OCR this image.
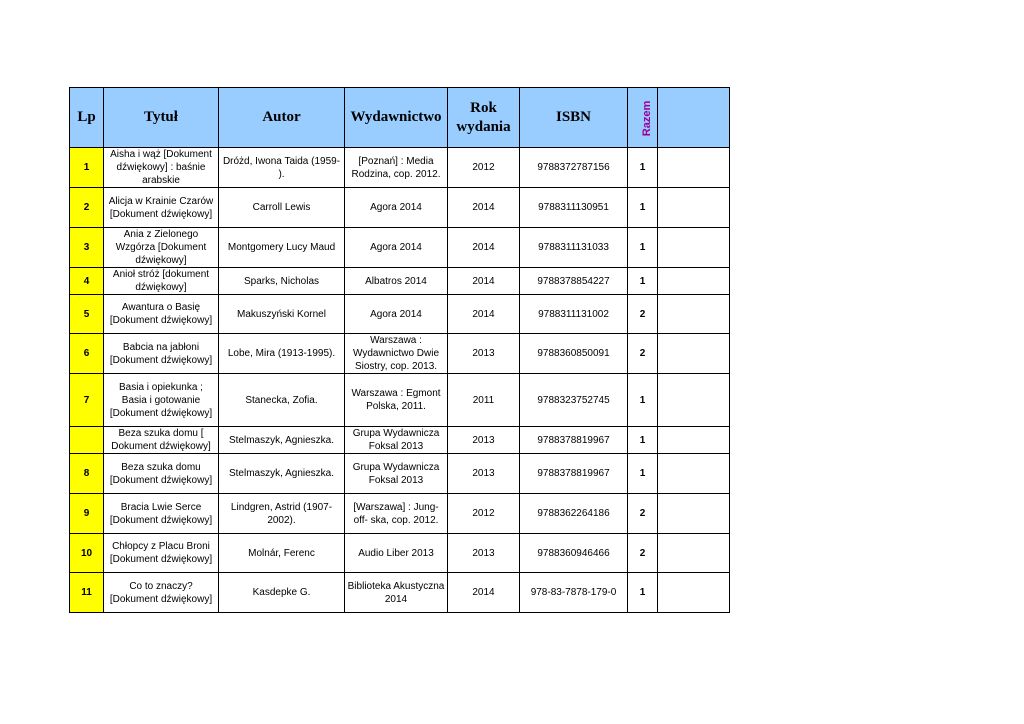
Lp	Tytuł	Autor	Wydawnictwo	Rok wydania	ISBN	Razem	
1	Aisha i wąż [Dokument dźwiękowy] : baśnie arabskie	Dróżd, Iwona Taida (1959- ).	[Poznań] : Media Rodzina, cop. 2012.	2012	9788372787156	1	
2	Alicja w Krainie Czarów [Dokument dźwiękowy]	Carroll Lewis	Agora 2014	2014	9788311130951	1	
3	Ania z Zielonego Wzgórza [Dokument dźwiękowy]	Montgomery Lucy Maud	Agora 2014	2014	9788311131033	1	
4	Anioł stróż [dokument dźwiękowy]	Sparks, Nicholas	Albatros 2014	2014	9788378854227	1	
5	Awantura o Basię [Dokument dźwiękowy]	Makuszyński Kornel	Agora 2014	2014	9788311131002	2	
6	Babcia na jabłoni [Dokument dźwiękowy]	Lobe, Mira (1913-1995).	Warszawa : Wydawnictwo Dwie Siostry, cop. 2013.	2013	9788360850091	2	
7	Basia i opiekunka ; Basia i gotowanie [Dokument dźwiękowy]	Stanecka, Zofia.	Warszawa : Egmont Polska, 2011.	2011	9788323752745	1	
	Beza szuka domu [ Dokument dźwiękowy]	Stelmaszyk, Agnieszka.	Grupa Wydawnicza Foksal 2013	2013	9788378819967	1	
8	Beza szuka domu [Dokument dźwiękowy]	Stelmaszyk, Agnieszka.	Grupa Wydawnicza Foksal 2013	2013	9788378819967	1	
9	Bracia Lwie Serce [Dokument dźwiękowy]	Lindgren, Astrid (1907- 2002).	[Warszawa] : Jung-off- ska, cop. 2012.	2012	9788362264186	2	
10	Chłopcy z Placu Broni [Dokument dźwiękowy]	Molnár, Ferenc	Audio Liber 2013	2013	9788360946466	2	
11	Co to znaczy? [Dokument dźwiękowy]	Kasdepke G.	Biblioteka Akustyczna 2014	2014	978-83-7878-179-0	1	
